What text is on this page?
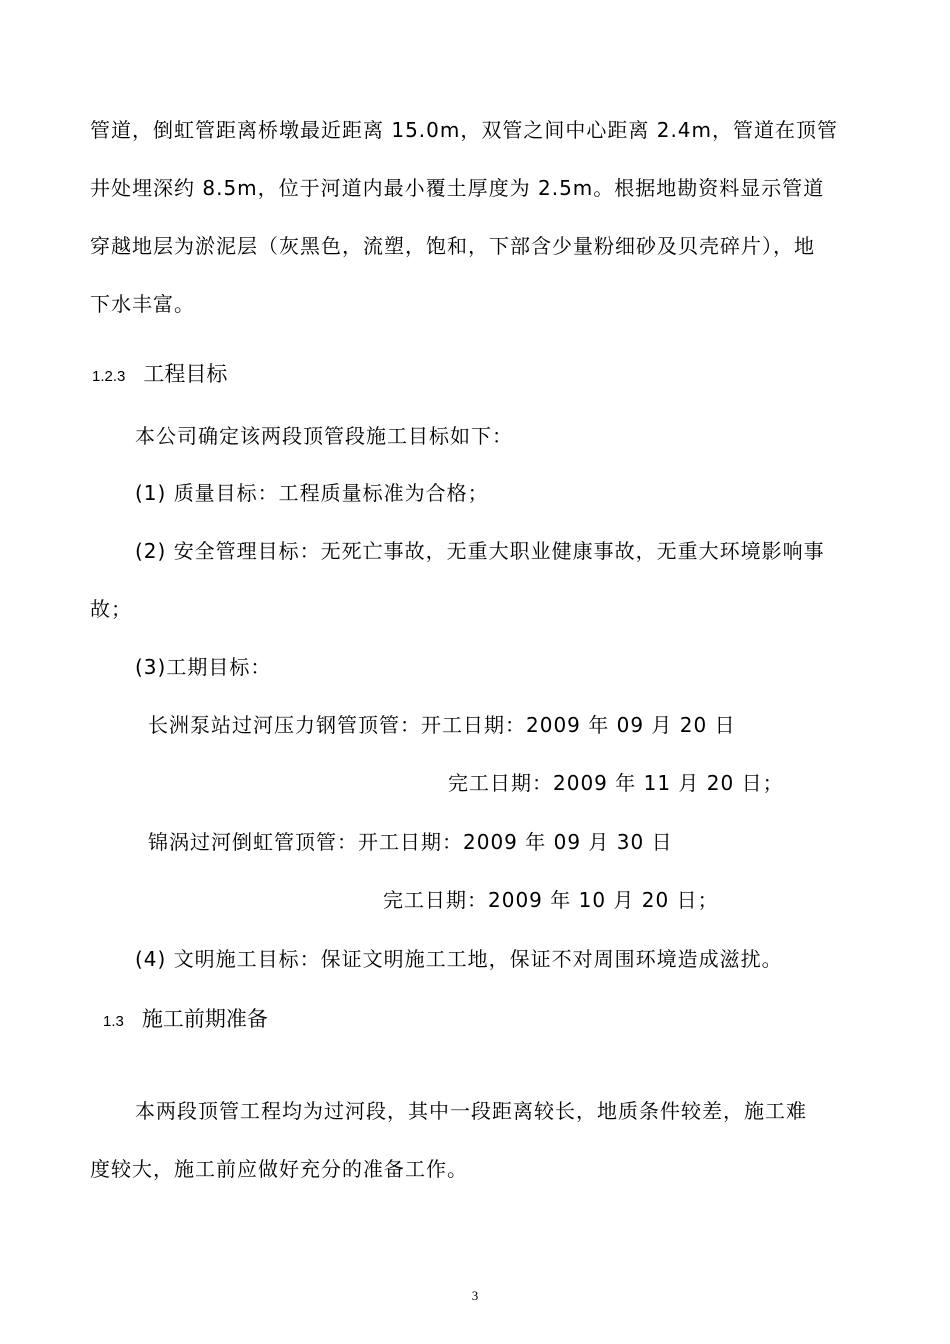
管道，倒虹管距离桥墩最近距离 15.0m，双管之间中心距离 2.4m，管道在顶管
井处埋深约 8.5m，位于河道内最小覆土厚度为 2.5m。根据地勘资料显示管道
穿越地层为淤泥层（灰黑色，流塑，饱和，下部含少量粉细砂及贝壳碎片），地
下水丰富。
1.2.3 工程目标
本公司确定该两段顶管段施工目标如下：
(1) 质量目标：工程质量标准为合格；
(2) 安全管理目标：无死亡事故，无重大职业健康事故，无重大环境影响事
故；
(3)工期目标：
长洲泵站过河压力钢管顶管：开工日期：2009 年 09 月 20 日
完工日期：2009 年 11 月 20 日；
锦涡过河倒虹管顶管：开工日期：2009 年 09 月 30 日
完工日期：2009 年 10 月 20 日；
(4) 文明施工目标：保证文明施工工地，保证不对周围环境造成滋扰。
1.3 施工前期准备
本两段顶管工程均为过河段，其中一段距离较长，地质条件较差，施工难
度较大，施工前应做好充分的准备工作。
3
